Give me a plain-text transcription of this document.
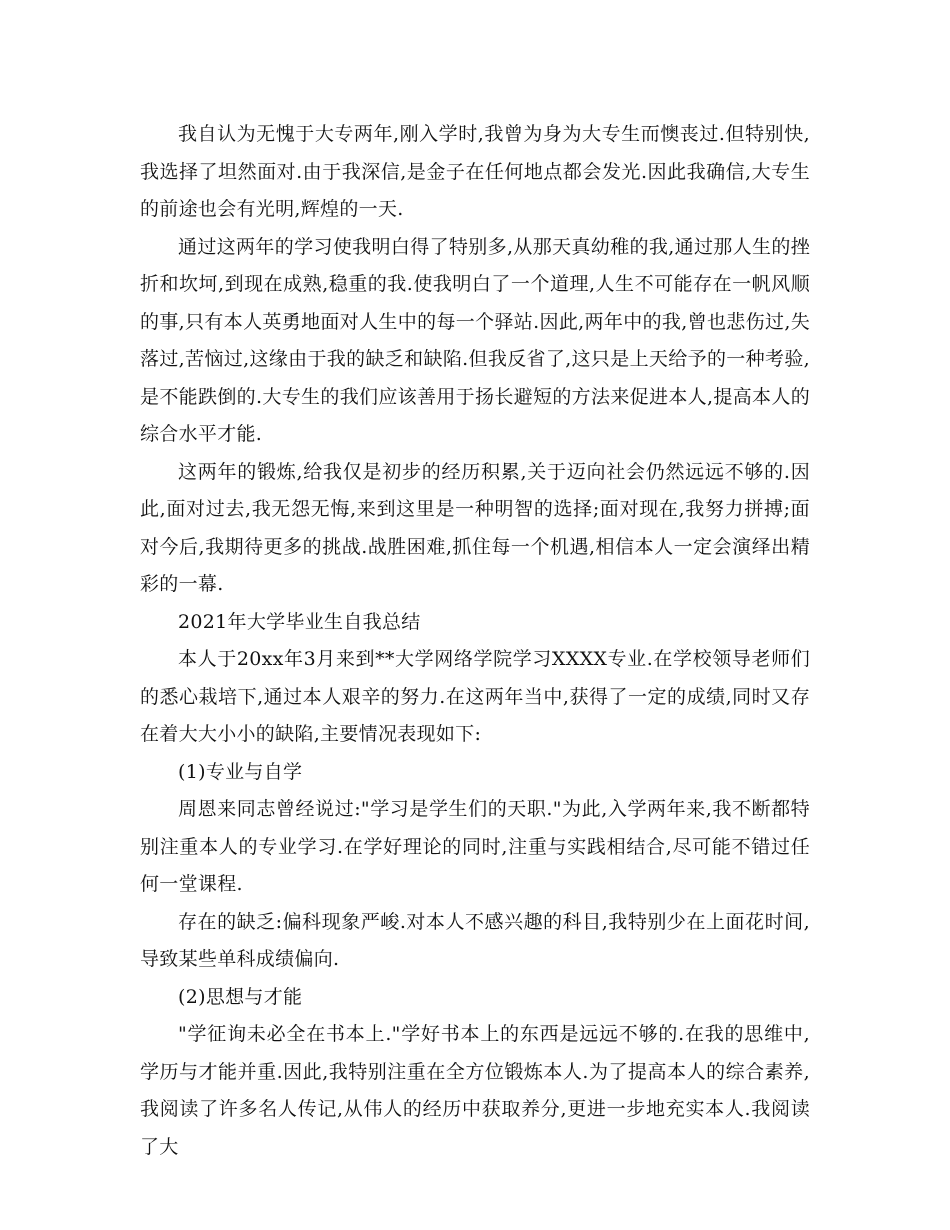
我自认为无愧于大专两年,刚入学时,我曾为身为大专生而懊丧过.但特别快,我选择了坦然面对.由于我深信,是金子在任何地点都会发光.因此我确信,大专生的前途也会有光明,辉煌的一天.

通过这两年的学习使我明白得了特别多,从那天真幼稚的我,通过那人生的挫折和坎坷,到现在成熟,稳重的我.使我明白了一个道理,人生不可能存在一帆风顺的事,只有本人英勇地面对人生中的每一个驿站.因此,两年中的我,曾也悲伤过,失落过,苦恼过,这缘由于我的缺乏和缺陷.但我反省了,这只是上天给予的一种考验,是不能跌倒的.大专生的我们应该善用于扬长避短的方法来促进本人,提高本人的综合水平才能.

这两年的锻炼,给我仅是初步的经历积累,关于迈向社会仍然远远不够的.因此,面对过去,我无怨无悔,来到这里是一种明智的选择;面对现在,我努力拼搏;面对今后,我期待更多的挑战.战胜困难,抓住每一个机遇,相信本人一定会演绎出精彩的一幕.

2021年大学毕业生自我总结

本人于20xx年3月来到**大学网络学院学习XXXX专业.在学校领导老师们的悉心栽培下,通过本人艰辛的努力.在这两年当中,获得了一定的成绩,同时又存在着大大小小的缺陷,主要情况表现如下:

(1)专业与自学

周恩来同志曾经说过:"学习是学生们的天职."为此,入学两年来,我不断都特别注重本人的专业学习.在学好理论的同时,注重与实践相结合,尽可能不错过任何一堂课程.

存在的缺乏:偏科现象严峻.对本人不感兴趣的科目,我特别少在上面花时间,导致某些单科成绩偏向.

(2)思想与才能

"学征询未必全在书本上."学好书本上的东西是远远不够的.在我的思维中,学历与才能并重.因此,我特别注重在全方位锻炼本人.为了提高本人的综合素养,我阅读了许多名人传记,从伟人的经历中获取养分,更进一步地充实本人.我阅读了大
